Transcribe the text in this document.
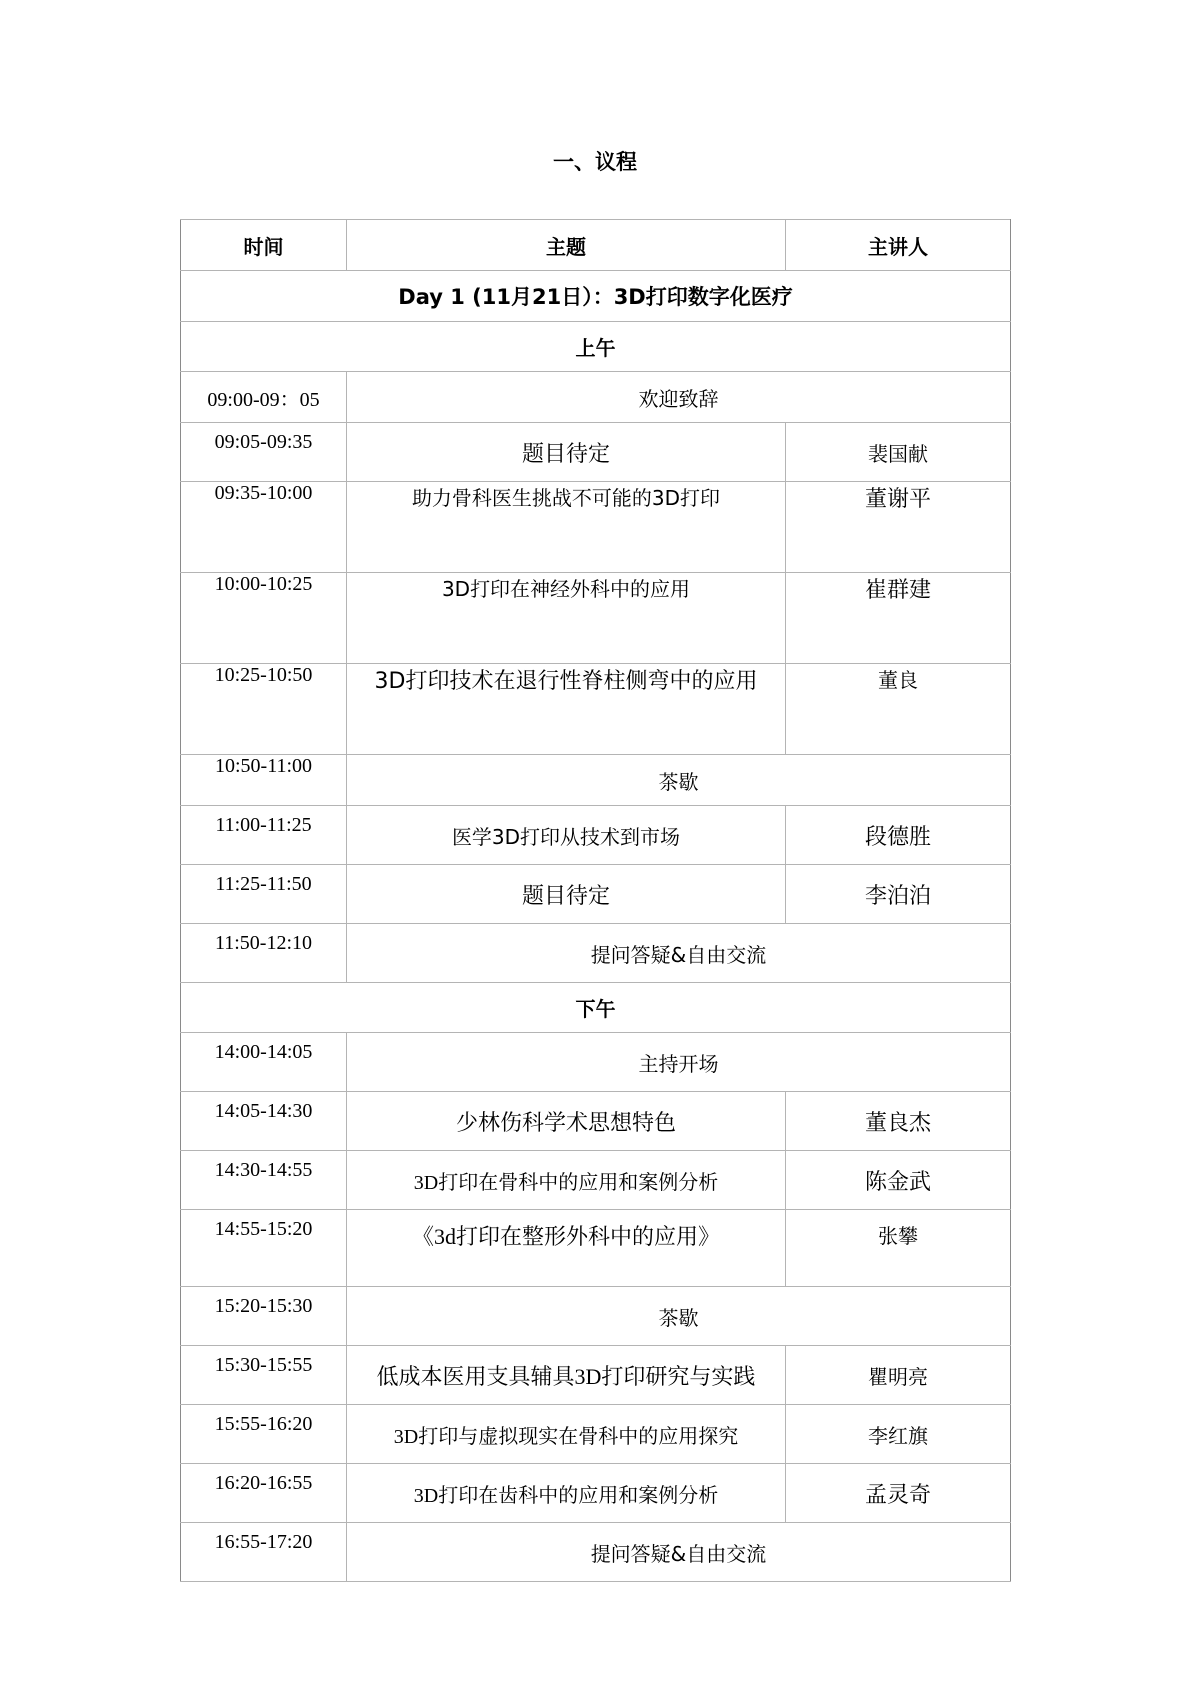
一、议程
时间	主题	主讲人
Day 1 (11月21日）：3D打印数字化医疗		
上午		
09:00-09：05	欢迎致辞	
09:05-09:35	题目待定	裴国献
09:35-10:00	助力骨科医生挑战不可能的3D打印	董谢平
10:00-10:25	3D打印在神经外科中的应用	崔群建
10:25-10:50	3D打印技术在退行性脊柱侧弯中的应用	董良
10:50-11:00	茶歇	
11:00-11:25	医学3D打印从技术到市场	段德胜
11:25-11:50	题目待定	李泊泊
11:50-12:10	提问答疑&自由交流	
下午		
14:00-14:05	主持开场	
14:05-14:30	少林伤科学术思想特色	董良杰
14:30-14:55	3D打印在骨科中的应用和案例分析	陈金武
14:55-15:20	《3d打印在整形外科中的应用》	张攀
15:20-15:30	茶歇	
15:30-15:55	低成本医用支具辅具3D打印研究与实践	瞿明亮
15:55-16:20	3D打印与虚拟现实在骨科中的应用探究	李红旗
16:20-16:55	3D打印在齿科中的应用和案例分析	孟灵奇
16:55-17:20	提问答疑&自由交流	
